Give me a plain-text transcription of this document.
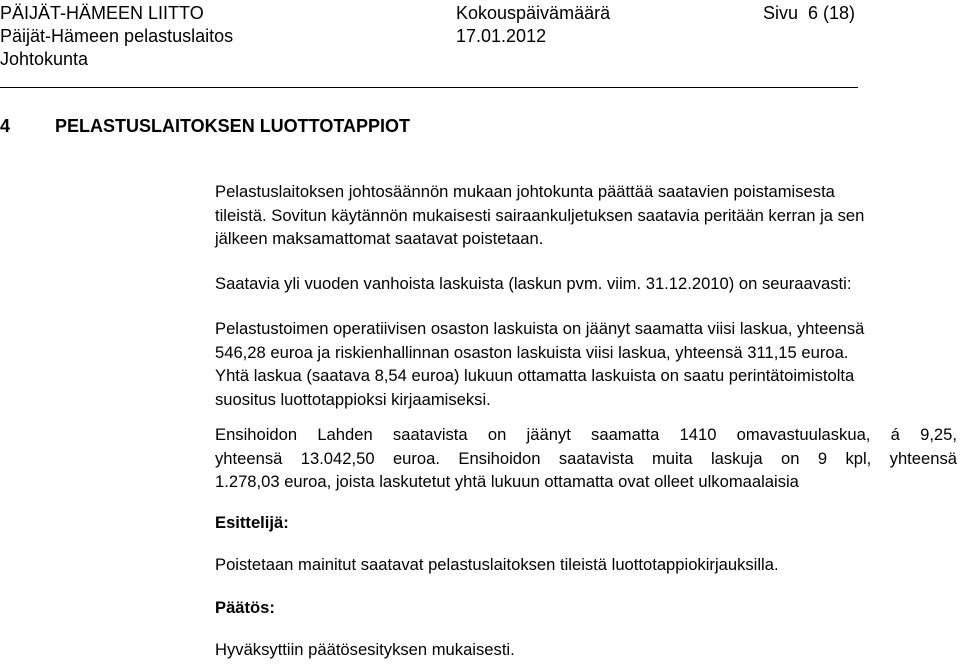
PÄIJÄT-HÄMEEN LIITTO
Päijät-Hämeen pelastuslaitos
Johtokunta
Kokouspäivämäärä
17.01.2012
Sivu  6 (18)
4 PELASTUSLAITOKSEN LUOTTOTAPPIOT
Pelastuslaitoksen johtosäännön mukaan johtokunta päättää saatavien poistamisesta
tileistä. Sovitun käytännön mukaisesti sairaankuljetuksen saatavia peritään kerran ja sen
jälkeen maksamattomat saatavat poistetaan.
Saatavia yli vuoden vanhoista laskuista (laskun pvm. viim. 31.12.2010) on seuraavasti:
Pelastustoimen operatiivisen osaston laskuista on jäänyt saamatta viisi laskua, yhteensä
546,28 euroa ja riskienhallinnan osaston laskuista viisi laskua, yhteensä 311,15 euroa.
Yhtä laskua (saatava 8,54 euroa) lukuun ottamatta laskuista on saatu perintätoimistolta
suositus luottotappioksi kirjaamiseksi.
Ensihoidon Lahden saatavista on jäänyt saamatta 1410 omavastuulaskua, á 9,25,
yhteensä 13.042,50 euroa. Ensihoidon saatavista muita laskuja on 9 kpl, yhteensä
1.278,03 euroa, joista laskutetut yhtä lukuun ottamatta ovat olleet ulkomaalaisia
Esittelijä:
Poistetaan mainitut saatavat pelastuslaitoksen tileistä luottotappiokirjauksilla.
Päätös:
Hyväksyttiin päätösesityksen mukaisesti.
